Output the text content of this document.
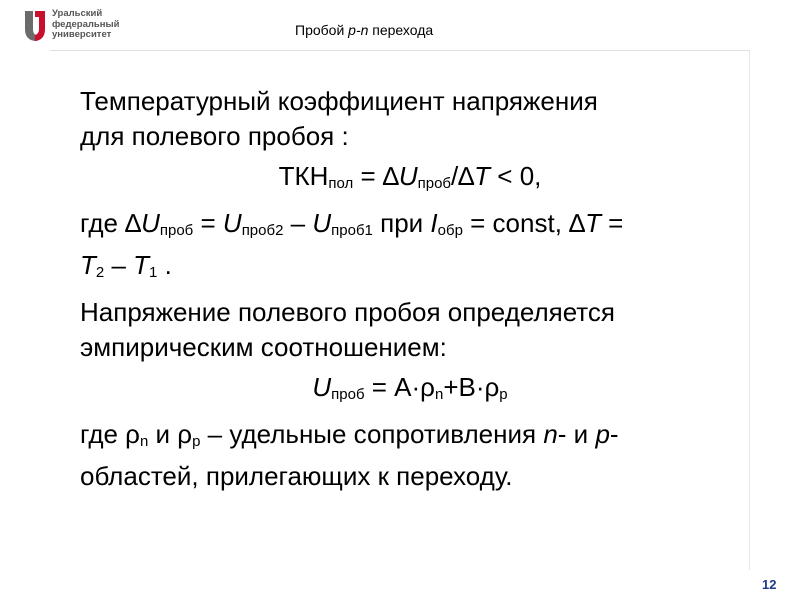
Уральский
федеральный
университет	Пробой p-n перехода

Температурный коэффициент напряжения
для полевого пробоя :

$ТКН_{пол} = \Delta U_{проб}/\Delta T < 0$,

где $\Delta U_{проб} = U_{проб2} - U_{проб1}$ при $I_{обр}$ = const, ∆T =
$T_2 - T_1$ .

Напряжение полевого пробоя определяется
эмпирическим соотношением:

$U_{проб} = A\cdot\rho_n+B\cdot\rho_p$

где $\rho_n$ и $\rho_p$ – удельные сопротивления n- и p-
областей, прилегающих к переходу.

12
